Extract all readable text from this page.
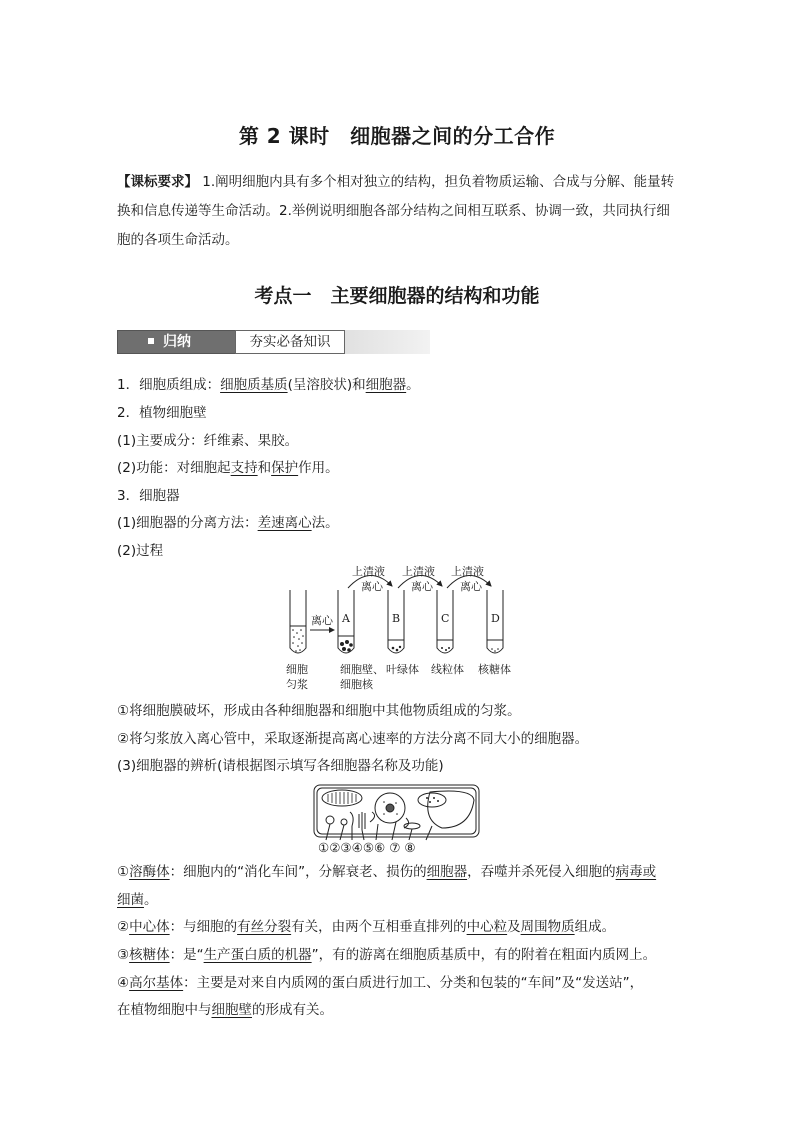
第 2 课时　细胞器之间的分工合作
【课标要求】 1.阐明细胞内具有多个相对独立的结构，担负着物质运输、合成与分解、能量转换和信息传递等生命活动。2.举例说明细胞各部分结构之间相互联系、协调一致，共同执行细胞的各项生命活动。
考点一　主要细胞器的结构和功能
归纳	夯实必备知识
1．细胞质组成：细胞质基质(呈溶胶状)和细胞器。
2．植物细胞壁
(1)主要成分：纤维素、果胶。
(2)功能：对细胞起支持和保护作用。
3．细胞器
(1)细胞器的分离方法：差速离心法。
(2)过程
上清液 上清液 上清液
离心	离心 离心
离心 A	B	C	D
细胞
匀浆
细胞壁、
细胞核
叶绿体 线粒体 核糖体
①将细胞膜破坏，形成由各种细胞器和细胞中其他物质组成的匀浆。
②将匀浆放入离心管中，采取逐渐提高离心速率的方法分离不同大小的细胞器。
(3)细胞器的辨析(请根据图示填写各细胞器名称及功能)
①②③④⑤⑥ ⑦ ⑧
①溶酶体：细胞内的“消化车间”，分解衰老、损伤的细胞器，吞噬并杀死侵入细胞的病毒或
细菌。
②中心体：与细胞的有丝分裂有关，由两个互相垂直排列的中心粒及周围物质组成。
③核糖体：是“生产蛋白质的机器”，有的游离在细胞质基质中，有的附着在粗面内质网上。
④高尔基体：主要是对来自内质网的蛋白质进行加工、分类和包装的“车间”及“发送站”，
在植物细胞中与细胞壁的形成有关。
